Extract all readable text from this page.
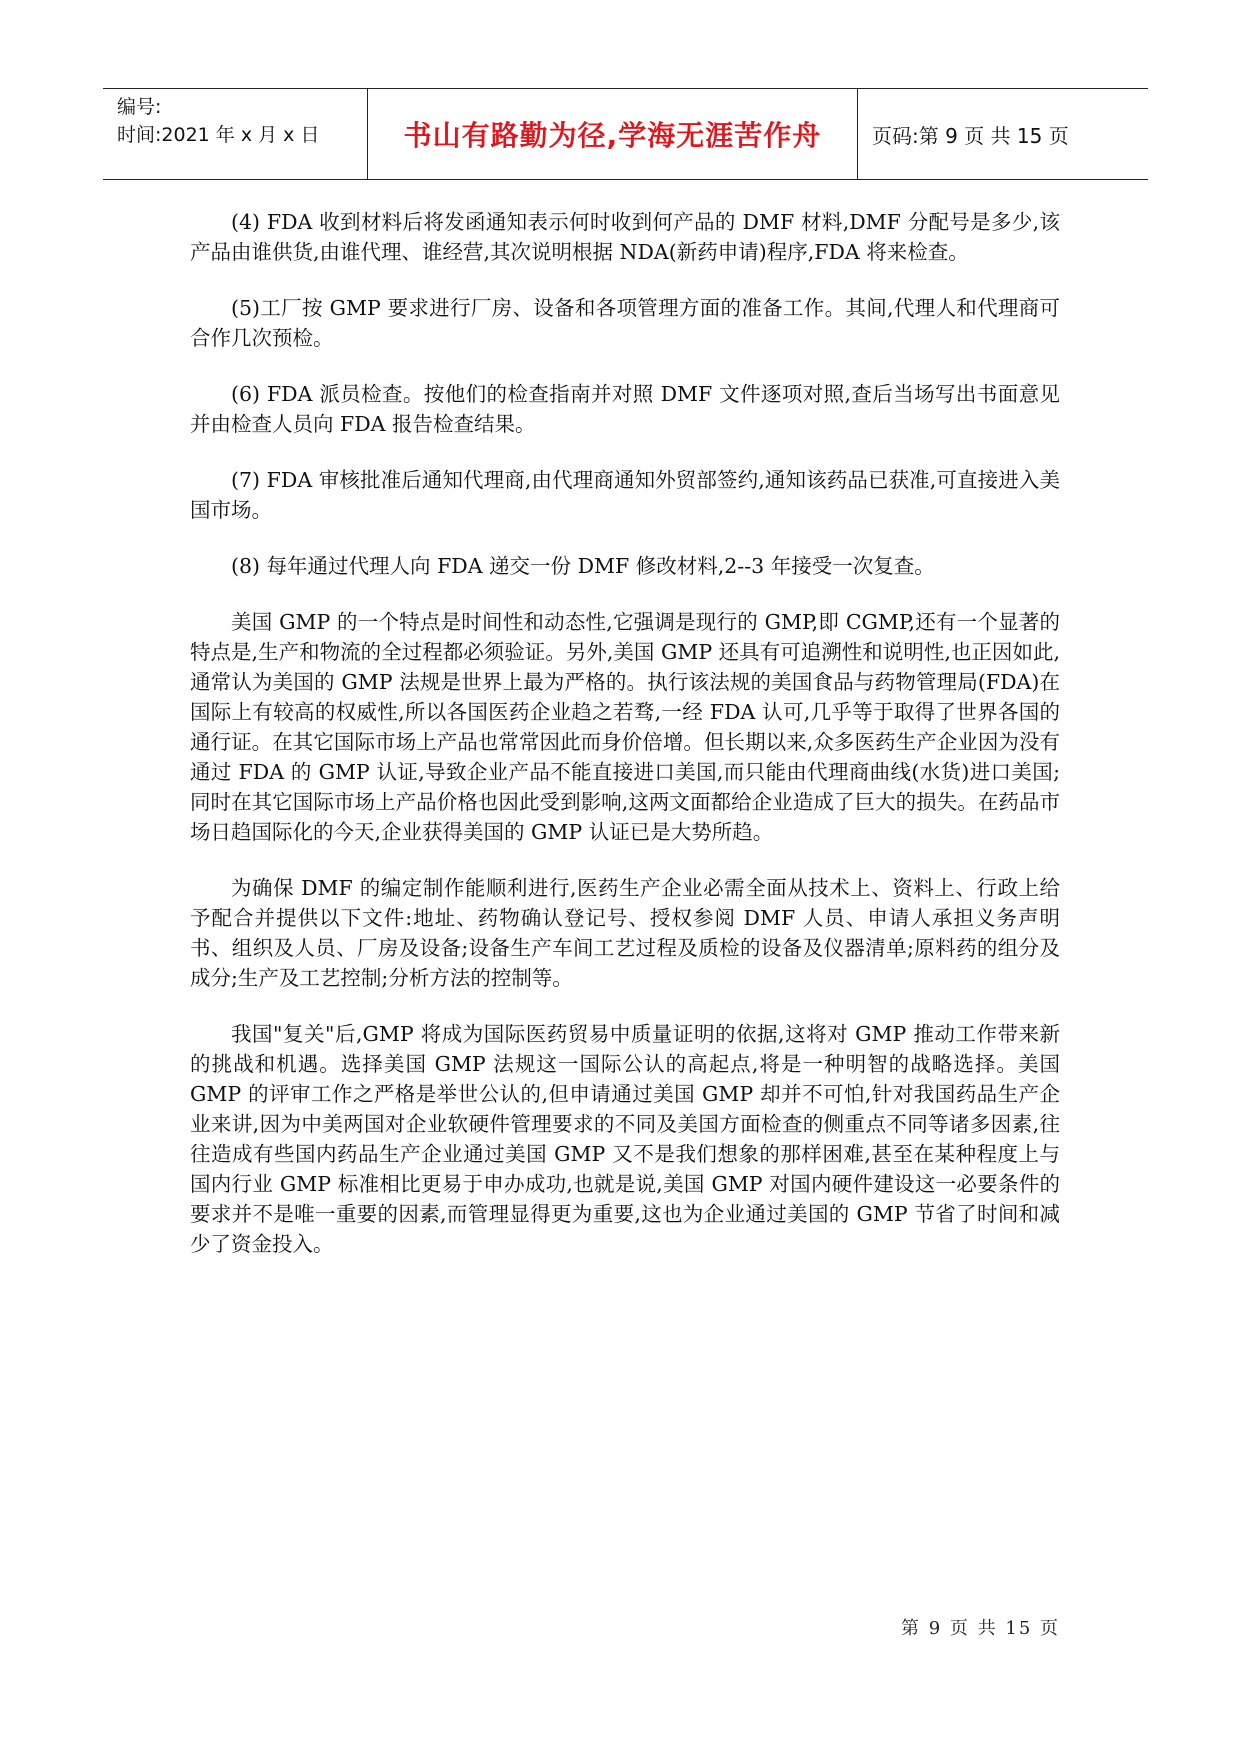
编号:
时间:2021 年 x 月 x 日	书山有路勤为径,学海无涯苦作舟	页码:第 9 页 共 15 页

(4) FDA 收到材料后将发函通知表示何时收到何产品的 DMF 材料,DMF 分配号是多少,该产品由谁供货,由谁代理、谁经营,其次说明根据 NDA(新药申请)程序,FDA 将来检查。

(5)工厂按 GMP 要求进行厂房、设备和各项管理方面的准备工作。其间,代理人和代理商可合作几次预检。

(6) FDA 派员检查。按他们的检查指南并对照 DMF 文件逐项对照,查后当场写出书面意见并由检查人员向 FDA 报告检查结果。

(7) FDA 审核批准后通知代理商,由代理商通知外贸部签约,通知该药品已获准,可直接进入美国市场。

(8) 每年通过代理人向 FDA 递交一份 DMF 修改材料,2--3 年接受一次复查。

美国 GMP 的一个特点是时间性和动态性,它强调是现行的 GMP,即 CGMP,还有一个显著的特点是,生产和物流的全过程都必须验证。另外,美国 GMP 还具有可追溯性和说明性,也正因如此,通常认为美国的 GMP 法规是世界上最为严格的。执行该法规的美国食品与药物管理局(FDA)在国际上有较高的权威性,所以各国医药企业趋之若骛,一经 FDA 认可,几乎等于取得了世界各国的通行证。在其它国际市场上产品也常常因此而身价倍增。但长期以来,众多医药生产企业因为没有通过 FDA 的 GMP 认证,导致企业产品不能直接进口美国,而只能由代理商曲线(水货)进口美国;同时在其它国际市场上产品价格也因此受到影响,这两文面都给企业造成了巨大的损失。在药品市场日趋国际化的今天,企业获得美国的 GMP 认证已是大势所趋。

为确保 DMF 的编定制作能顺利进行,医药生产企业必需全面从技术上、资料上、行政上给予配合并提供以下文件:地址、药物确认登记号、授权参阅 DMF 人员、申请人承担义务声明书、组织及人员、厂房及设备;设备生产车间工艺过程及质检的设备及仪器清单;原料药的组分及成分;生产及工艺控制;分析方法的控制等。

我国"复关"后,GMP 将成为国际医药贸易中质量证明的依据,这将对 GMP 推动工作带来新的挑战和机遇。选择美国 GMP 法规这一国际公认的高起点,将是一种明智的战略选择。美国 GMP 的评审工作之严格是举世公认的,但申请通过美国 GMP 却并不可怕,针对我国药品生产企业来讲,因为中美两国对企业软硬件管理要求的不同及美国方面检查的侧重点不同等诸多因素,往往造成有些国内药品生产企业通过美国 GMP 又不是我们想象的那样困难,甚至在某种程度上与国内行业 GMP 标准相比更易于申办成功,也就是说,美国 GMP 对国内硬件建设这一必要条件的要求并不是唯一重要的因素,而管理显得更为重要,这也为企业通过美国的 GMP 节省了时间和减少了资金投入。

第 9 页 共 15 页
